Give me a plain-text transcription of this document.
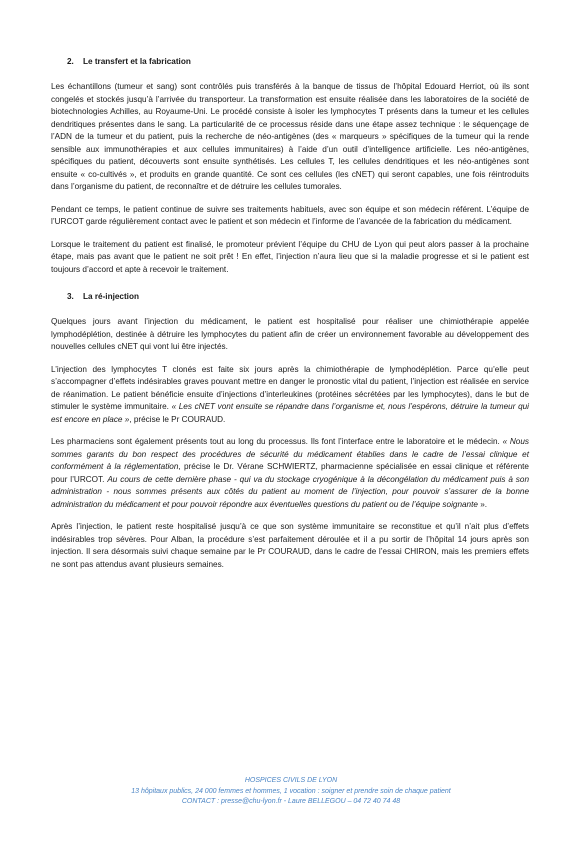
2. Le transfert et la fabrication

Les échantillons (tumeur et sang) sont contrôlés puis transférés à la banque de tissus de l’hôpital Edouard Herriot, où ils sont congelés et stockés jusqu’à l’arrivée du transporteur. La transformation est ensuite réalisée dans les laboratoires de la société de biotechnologies Achilles, au Royaume-Uni. Le procédé consiste à isoler les lymphocytes T présents dans la tumeur et les cellules dendritiques présentes dans le sang. La particularité de ce processus réside dans une étape assez technique : le séquençage de l’ADN de la tumeur et du patient, puis la recherche de néo-antigènes (des « marqueurs » spécifiques de la tumeur qui la rende sensible aux immunothérapies et aux cellules immunitaires) à l’aide d’un outil d’intelligence artificielle. Les néo-antigènes, spécifiques du patient, découverts sont ensuite synthétisés. Les cellules T, les cellules dendritiques et les néo-antigènes sont ensuite « co-cultivés », et produits en grande quantité. Ce sont ces cellules (les cNET) qui seront capables, une fois réintroduits dans l’organisme du patient, de reconnaître et de détruire les cellules tumorales.

Pendant ce temps, le patient continue de suivre ses traitements habituels, avec son équipe et son médecin référent. L’équipe de l’URCOT garde régulièrement contact avec le patient et son médecin et l’informe de l’avancée de la fabrication du médicament.

Lorsque le traitement du patient est finalisé, le promoteur prévient l’équipe du CHU de Lyon qui peut alors passer à la prochaine étape, mais pas avant que le patient ne soit prêt ! En effet, l’injection n’aura lieu que si la maladie progresse et si le patient est toujours d’accord et apte à recevoir le traitement.

3. La ré-injection

Quelques jours avant l’injection du médicament, le patient est hospitalisé pour réaliser une chimiothérapie appelée lymphodéplétion, destinée à détruire les lymphocytes du patient afin de créer un environnement favorable au développement des nouvelles cellules cNET qui vont lui être injectés.

L’injection des lymphocytes T clonés est faite six jours après la chimiothérapie de lymphodéplétion. Parce qu’elle peut s’accompagner d’effets indésirables graves pouvant mettre en danger le pronostic vital du patient, l’injection est réalisée en service de réanimation. Le patient bénéficie ensuite d’injections d’interleukines (protéines sécrétées par les lymphocytes), dans le but de stimuler le système immunitaire. « Les cNET vont ensuite se répandre dans l’organisme et, nous l’espérons, détruire la tumeur qui est encore en place », précise le Pr COURAUD.

Les pharmaciens sont également présents tout au long du processus. Ils font l’interface entre le laboratoire et le médecin. « Nous sommes garants du bon respect des procédures de sécurité du médicament établies dans le cadre de l’essai clinique et conformément à la réglementation, précise le Dr. Vérane SCHWIERTZ, pharmacienne spécialisée en essai clinique et référente pour l’URCOT. Au cours de cette dernière phase - qui va du stockage cryogénique à la décongélation du médicament puis à son administration - nous sommes présents aux côtés du patient au moment de l’injection, pour pouvoir s’assurer de la bonne administration du médicament et pour pouvoir répondre aux éventuelles questions du patient ou de l’équipe soignante ».

Après l’injection, le patient reste hospitalisé jusqu’à ce que son système immunitaire se reconstitue et qu’il n’ait plus d’effets indésirables trop sévères. Pour Alban, la procédure s’est parfaitement déroulée et il a pu sortir de l’hôpital 14 jours après son injection. Il sera désormais suivi chaque semaine par le Pr COURAUD, dans le cadre de l’essai CHIRON, mais les premiers effets ne sont pas attendus avant plusieurs semaines.

HOSPICES CIVILS DE LYON
13 hôpitaux publics, 24 000 femmes et hommes, 1 vocation : soigner et prendre soin de chaque patient
CONTACT : presse@chu-lyon.fr - Laure BELLEGOU – 04 72 40 74 48
